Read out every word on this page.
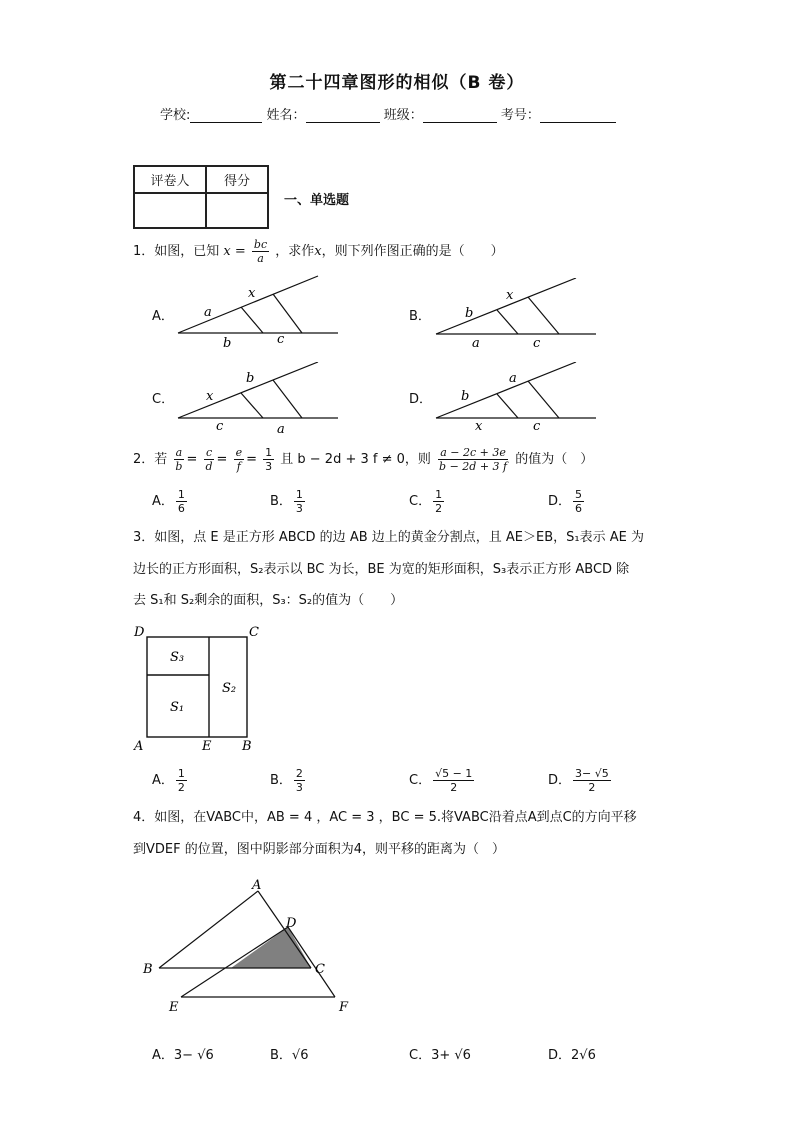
第二十四章图形的相似（B 卷）
学校:	姓名：	班级：	考号：
评卷人	得分

一、单选题
1．如图，已知 $x = \frac{bc}{a}$ ，求作x，则下列作图正确的是（　　）
A． a
x
b	c
B．	b
x
a	c
C． x
b
c	a
D． b
a
x	c
2．若 $\frac{a}{b} = \frac{c}{d} = \frac{e}{f} = \frac{1}{3}$ 且 b − 2d + 3 f ≠ 0，则 $\frac{a - 2c + 3e}{b - 2d + 3 f}$ 的值为（　）
A． $\frac{1}{6}$	B． $\frac{1}{3}$	C． $\frac{1}{2}$	D． $\frac{5}{6}$
3．如图，点 E 是正方形 ABCD 的边 AB 边上的黄金分割点，且 AE＞EB，S₁表示 AE 为
边长的正方形面积，S₂表示以 BC 为长，BE 为宽的矩形面积，S₃表示正方形 ABCD 除
去 S₁和 S₂剩余的面积，S₃：S₂的值为（　　）
D	C
A	E B
S₃
S₁
S₂
A． $\frac{1}{2}$	B． $\frac{2}{3}$	C． $\frac{√5 - 1}{2}$	D． $\frac{3- √5}{2}$
4．如图，在VABC中，AB = 4 ，AC = 3 ，BC = 5.将VABC沿着点A到点C的方向平移
到VDEF 的位置，图中阴影部分面积为4，则平移的距离为（　）
A
D
B	C
E	F
A．3− √6	B．√6	C．3+ √6	D．2√6
